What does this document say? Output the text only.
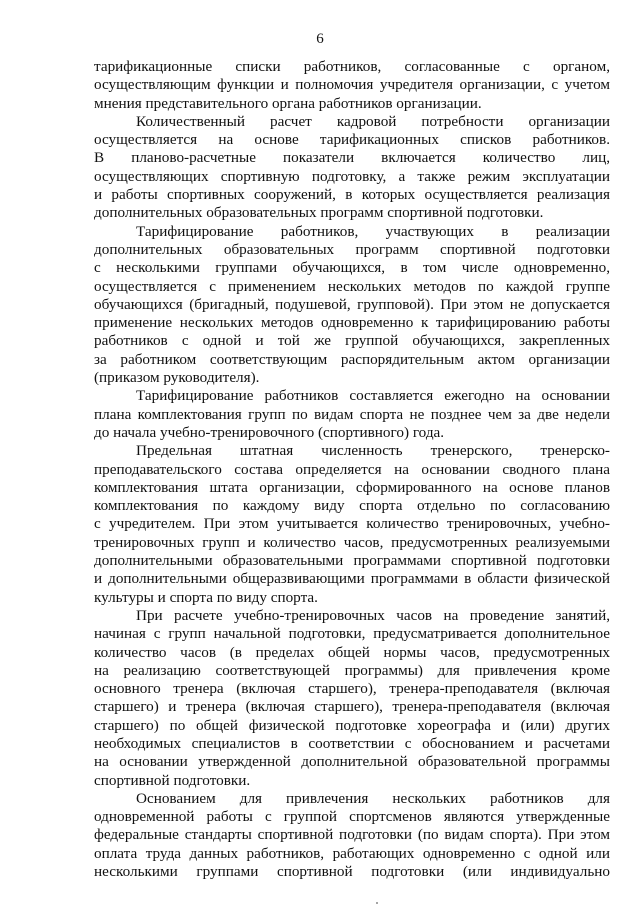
6
тарификационные списки работников, согласованные с органом,
осуществляющим функции и полномочия учредителя организации, с учетом
мнения представительного органа работников организации.
Количественный расчет кадровой потребности организации
осуществляется на основе тарификационных списков работников.
В планово-расчетные показатели включается количество лиц,
осуществляющих спортивную подготовку, а также режим эксплуатации
и работы спортивных сооружений, в которых осуществляется реализация
дополнительных образовательных программ спортивной подготовки.
Тарифицирование работников, участвующих в реализации
дополнительных образовательных программ спортивной подготовки
с несколькими группами обучающихся, в том числе одновременно,
осуществляется с применением нескольких методов по каждой группе
обучающихся (бригадный, подушевой, групповой). При этом не допускается
применение нескольких методов одновременно к тарифицированию работы
работников с одной и той же группой обучающихся, закрепленных
за работником соответствующим распорядительным актом организации
(приказом руководителя).
Тарифицирование работников составляется ежегодно на основании
плана комплектования групп по видам спорта не позднее чем за две недели
до начала учебно-тренировочного (спортивного) года.
Предельная штатная численность тренерского, тренерско-
преподавательского состава определяется на основании сводного плана
комплектования штата организации, сформированного на основе планов
комплектования по каждому виду спорта отдельно по согласованию
с учредителем. При этом учитывается количество тренировочных, учебно-
тренировочных групп и количество часов, предусмотренных реализуемыми
дополнительными образовательными программами спортивной подготовки
и дополнительными общеразвивающими программами в области физической
культуры и спорта по виду спорта.
При расчете учебно-тренировочных часов на проведение занятий,
начиная с групп начальной подготовки, предусматривается дополнительное
количество часов (в пределах общей нормы часов, предусмотренных
на реализацию соответствующей программы) для привлечения кроме
основного тренера (включая старшего), тренера-преподавателя (включая
старшего) и тренера (включая старшего), тренера-преподавателя (включая
старшего) по общей физической подготовке хореографа и (или) других
необходимых специалистов в соответствии с обоснованием и расчетами
на основании утвержденной дополнительной образовательной программы
спортивной подготовки.
Основанием для привлечения нескольких работников для
одновременной работы с группой спортсменов являются утвержденные
федеральные стандарты спортивной подготовки (по видам спорта). При этом
оплата труда данных работников, работающих одновременно с одной или
несколькими группами спортивной подготовки (или индивидуально
